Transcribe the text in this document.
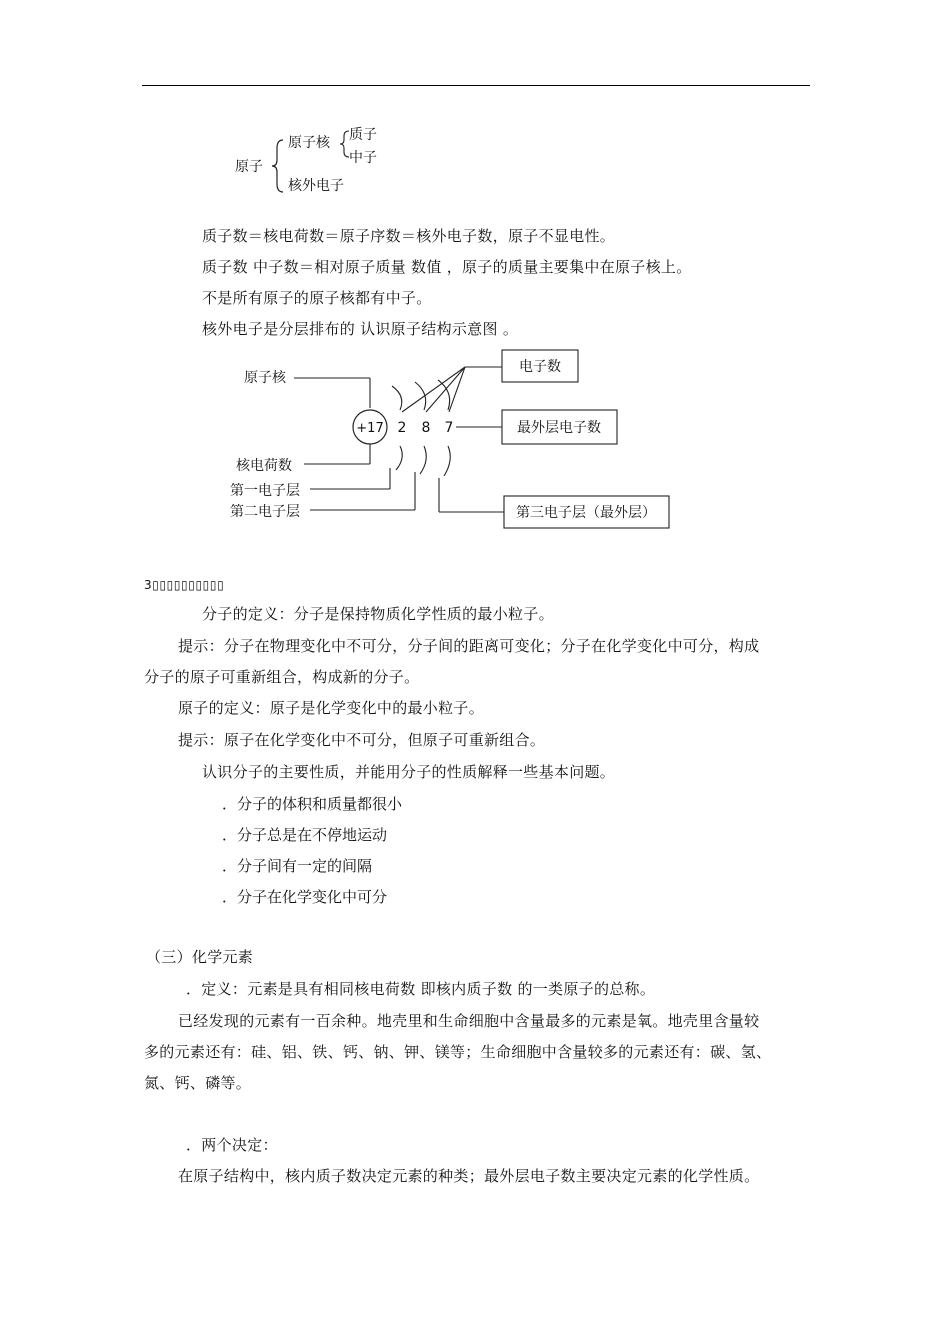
原子
原子核 质子
中子
核外电子
质子数＝核电荷数＝原子序数＝核外电子数，原子不显电性。
质子数 中子数＝相对原子质量 数值 ，原子的质量主要集中在原子核上。
不是所有原子的原子核都有中子。
核外电子是分层排布的 认识原子结构示意图 。
原子核
+17 2 8 7
核电荷数
第一电子层
第二电子层
电子数
最外层电子数
第三电子层（最外层）
3▯▯▯▯▯▯▯▯▯▯
分子的定义：分子是保持物质化学性质的最小粒子。
提示：分子在物理变化中不可分，分子间的距离可变化；分子在化学变化中可分，构成
分子的原子可重新组合，构成新的分子。
原子的定义：原子是化学变化中的最小粒子。
提示：原子在化学变化中不可分，但原子可重新组合。
认识分子的主要性质，并能用分子的性质解释一些基本问题。
．分子的体积和质量都很小
．分子总是在不停地运动
．分子间有一定的间隔
．分子在化学变化中可分
（三）化学元素
．定义：元素是具有相同核电荷数 即核内质子数 的一类原子的总称。
已经发现的元素有一百余种。地壳里和生命细胞中含量最多的元素是氧。地壳里含量较
多的元素还有：硅、铝、铁、钙、钠、钾、镁等；生命细胞中含量较多的元素还有：碳、氢、
氮、钙、磷等。
．两个决定：
在原子结构中，核内质子数决定元素的种类；最外层电子数主要决定元素的化学性质。
